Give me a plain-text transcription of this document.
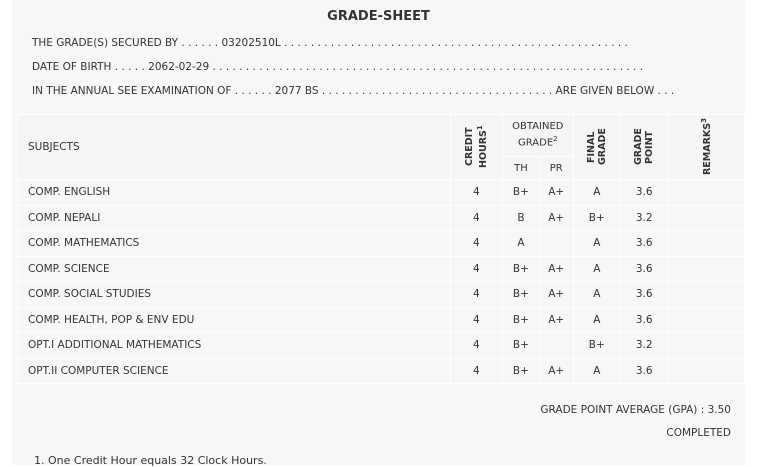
GRADE-SHEET
THE GRADE(S) SECURED BY . . . . . . 03202510L . . . . . . . . . . . . . . . . . . . . . . . . . . . . . . . . . . . . . . . . . . . . . . . . . . . .
DATE OF BIRTH . . . . . 2062-02-29 . . . . . . . . . . . . . . . . . . . . . . . . . . . . . . . . . . . . . . . . . . . . . . . . . . . . . . . . . . . . . . . . .
IN THE ANNUAL SEE EXAMINATION OF . . . . . . 2077 BS . . . . . . . . . . . . . . . . . . . . . . . . . . . . . . . . . . . ARE GIVEN BELOW . . .
SUBJECTS	CREDIT HOURS$^1$	OBTAINED GRADE$^2$		FINAL GRADE	GRADE POINT	REMARKS$^3$

		TH	PR			
COMP. ENGLISH	4	B+	A+	A	3.6	
COMP. NEPALI	4	B	A+	B+	3.2	
COMP. MATHEMATICS	4	A		A	3.6	
COMP. SCIENCE	4	B+	A+	A	3.6	
COMP. SOCIAL STUDIES	4	B+	A+	A	3.6	
COMP. HEALTH, POP & ENV EDU	4	B+	A+	A	3.6	
OPT.I ADDITIONAL MATHEMATICS	4	B+		B+	3.2	
OPT.II COMPUTER SCIENCE	4	B+	A+	A	3.6	
GRADE POINT AVERAGE (GPA) : 3.50
COMPLETED
1. One Credit Hour equals 32 Clock Hours.
